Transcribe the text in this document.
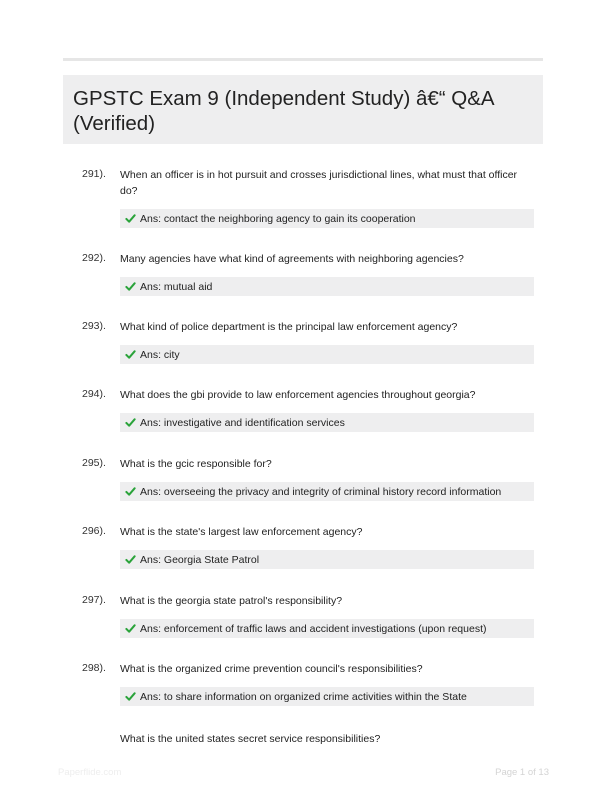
GPSTC Exam 9 (Independent Study) â€“ Q&A (Verified)
291). When an officer is in hot pursuit and crosses jurisdictional lines, what must that officer do?
Ans: contact the neighboring agency to gain its cooperation
292). Many agencies have what kind of agreements with neighboring agencies?
Ans: mutual aid
293). What kind of police department is the principal law enforcement agency?
Ans: city
294). What does the gbi provide to law enforcement agencies throughout georgia?
Ans: investigative and identification services
295). What is the gcic responsible for?
Ans: overseeing the privacy and integrity of criminal history record information
296). What is the state's largest law enforcement agency?
Ans: Georgia State Patrol
297). What is the georgia state patrol's responsibility?
Ans: enforcement of traffic laws and accident investigations (upon request)
298). What is the organized crime prevention council's responsibilities?
Ans: to share information on organized crime activities within the State
What is the united states secret service responsibilities?
Paperflide.com	Page 1 of 13
